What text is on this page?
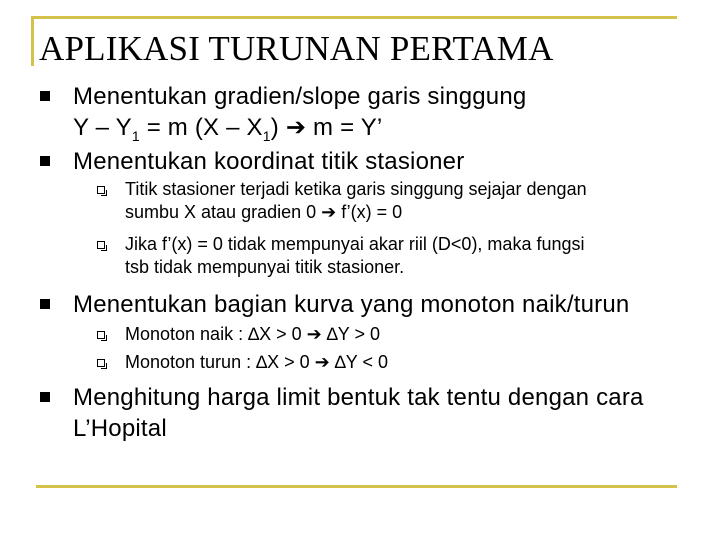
APLIKASI TURUNAN PERTAMA
Menentukan gradien/slope garis singgung
$Y - Y_1 = m$ $(X - X_1)$ ➔ m = Y’
Menentukan koordinat titik stasioner
Titik stasioner terjadi ketika garis singgung sejajar dengan
sumbu X atau gradien 0 ➔ f’(x) = 0
Jika f’(x) = 0 tidak mempunyai akar riil (D<0), maka fungsi
tsb tidak mempunyai titik stasioner.
Menentukan bagian kurva yang monoton naik/turun
Monoton naik : ∆X > 0 ➔ ∆Y > 0
Monoton turun : ∆X > 0 ➔ ∆Y < 0
Menghitung harga limit bentuk tak tentu dengan cara
L’Hopital
